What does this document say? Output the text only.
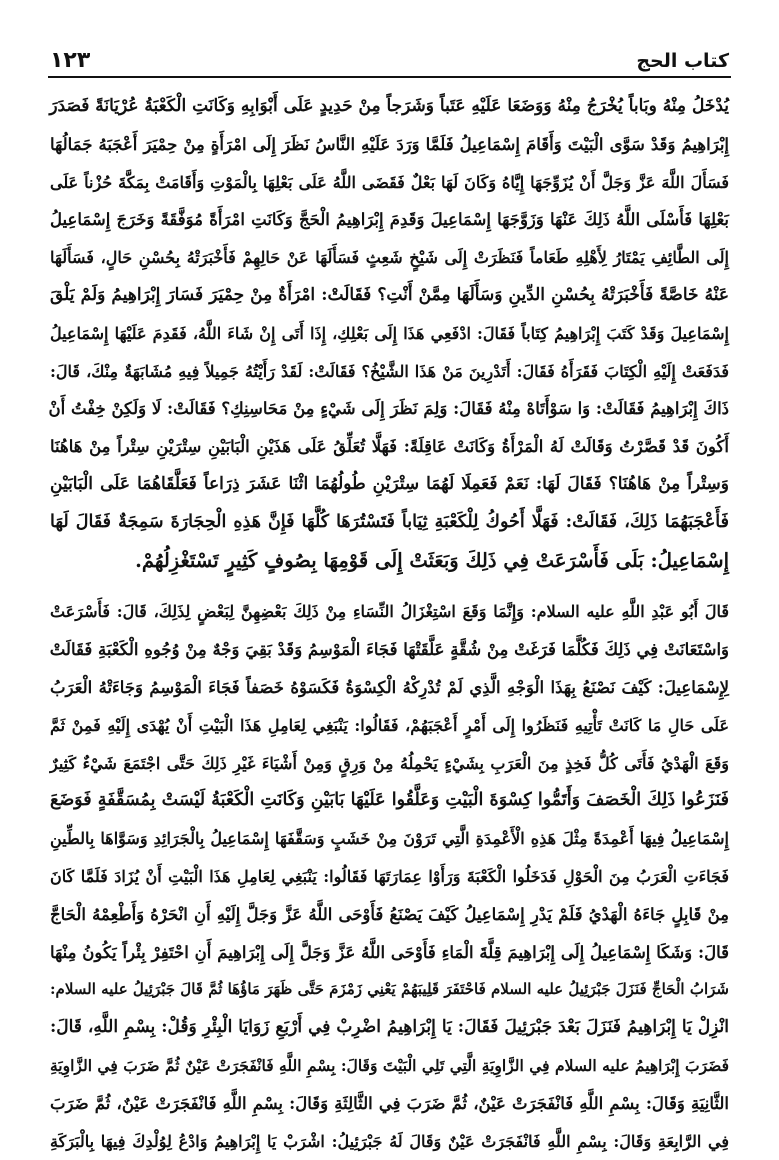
كتاب الحج
١٢٣
يُدْخَلُ مِنْهُ وبَاباً يُخْرَجُ مِنْهُ وَوَضَعَا عَلَيْهِ عَتَباً وَشَرَجاً مِنْ حَدِيدٍ عَلَى أَبْوَابِهِ وَكَانَتِ الْكَعْبَةُ عُرْيَانَةً فَصَدَرَ
إِبْرَاهِيمُ وَقَدْ سَوَّى الْبَيْتَ وَأَقَامَ إِسْمَاعِيلُ فَلَمَّا وَرَدَ عَلَيْهِ النَّاسُ نَظَرَ إِلَى امْرَأَةٍ مِنْ حِمْيَرَ أَعْجَبَهُ جَمَالُهَا
فَسَأَلَ اللَّهَ عَزَّ وَجَلَّ أَنْ يُزَوِّجَهَا إِيَّاهُ وَكَانَ لَهَا بَعْلٌ فَقَضَى اللَّهُ عَلَى بَعْلِهَا بِالْمَوْتِ وَأَقَامَتْ بِمَكَّةَ حُزْناً عَلَى
بَعْلِهَا فَأَسْلَى اللَّهُ ذَلِكَ عَنْهَا وَزَوَّجَهَا إِسْمَاعِيلَ وَقَدِمَ إِبْرَاهِيمُ الْحَجَّ وَكَانَتِ امْرَأَةً مُوَفَّقَةً وَخَرَجَ إِسْمَاعِيلُ
إِلَى الطَّائِفِ يَمْتَارُ لِأَهْلِهِ طَعَاماً فَنَظَرَتْ إِلَى شَيْخٍ شَعِثٍ فَسَأَلَهَا عَنْ حَالِهِمْ فَأَخْبَرَتْهُ بِحُسْنِ حَالٍ، فَسَأَلَهَا
عَنْهُ خَاصَّةً فَأَخْبَرَتْهُ بِحُسْنِ الدِّينِ وَسَأَلَهَا مِمَّنْ أَنْتِ؟ فَقَالَتْ: امْرَأَةٌ مِنْ حِمْيَرَ فَسَارَ إِبْرَاهِيمُ وَلَمْ يَلْقَ
إِسْمَاعِيلَ وَقَدْ كَتَبَ إِبْرَاهِيمُ كِتَاباً فَقَالَ: ادْفَعِي هَذَا إِلَى بَعْلِكِ، إِذَا أَتَى إِنْ شَاءَ اللَّهُ، فَقَدِمَ عَلَيْهَا إِسْمَاعِيلُ
فَدَفَعَتْ إِلَيْهِ الْكِتَابَ فَقَرَأَهُ فَقَالَ: أَتَدْرِينَ مَنْ هَذَا الشَّيْخُ؟ فَقَالَتْ: لَقَدْ رَأَيْتُهُ جَمِيلاً فِيهِ مُشَابَهَةٌ مِنْكَ، قَالَ:
ذَاكَ إِبْرَاهِيمُ فَقَالَتْ: وَا سَوْأَتَاهْ مِنْهُ فَقَالَ: وَلِمَ نَظَرَ إِلَى شَيْءٍ مِنْ مَحَاسِنِكِ؟ فَقَالَتْ: لَا وَلَكِنْ خِفْتُ أَنْ
أَكُونَ قَدْ قَصَّرْتُ وَقَالَتْ لَهُ الْمَرْأَةُ وَكَانَتْ عَاقِلَةً: فَهَلَّا تُعَلِّقُ عَلَى هَذَيْنِ الْبَابَيْنِ سِتْرَيْنِ سِتْراً مِنْ هَاهُنَا
وَسِتْراً مِنْ هَاهُنَا؟ فَقَالَ لَهَا: نَعَمْ فَعَمِلَا لَهُمَا سِتْرَيْنِ طُولُهُمَا اثْنَا عَشَرَ ذِرَاعاً فَعَلَّقَاهُمَا عَلَى الْبَابَيْنِ
فَأَعْجَبَهُمَا ذَلِكَ، فَقَالَتْ: فَهَلَّا أَحُوكُ لِلْكَعْبَةِ ثِيَاباً فَتَسْتُرَهَا كُلَّهَا فَإِنَّ هَذِهِ الْحِجَارَةَ سَمِجَةٌ فَقَالَ لَهَا
إِسْمَاعِيلُ: بَلَى فَأَسْرَعَتْ فِي ذَلِكَ وَبَعَثَتْ إِلَى قَوْمِهَا بِصُوفٍ كَثِيرٍ تَسْتَغْزِلُهُمْ.
قَالَ أَبُو عَبْدِ اللَّهِ عليه السلام: وَإِنَّمَا وَقَعَ اسْتِغْزَالُ النِّسَاءِ مِنْ ذَلِكَ بَعْضِهِنَّ لِبَعْضٍ لِذَلِكَ، قَالَ: فَأَسْرَعَتْ
وَاسْتَعَانَتْ فِي ذَلِكَ فَكُلَّمَا فَرَغَتْ مِنْ شُقَّةٍ عَلَّقَتْهَا فَجَاءَ الْمَوْسِمُ وَقَدْ بَقِيَ وَجْهٌ مِنْ وُجُوهِ الْكَعْبَةِ فَقَالَتْ
لِإِسْمَاعِيلَ: كَيْفَ نَصْنَعُ بِهَذَا الْوَجْهِ الَّذِي لَمْ تُدْرِكْهُ الْكِسْوَةُ فَكَسَوْهُ خَصَفاً فَجَاءَ الْمَوْسِمُ وَجَاءَتْهُ الْعَرَبُ
عَلَى حَالِ مَا كَانَتْ تَأْتِيهِ فَنَظَرُوا إِلَى أَمْرٍ أَعْجَبَهُمْ، فَقَالُوا: يَنْبَغِي لِعَامِلِ هَذَا الْبَيْتِ أَنْ يُهْدَى إِلَيْهِ فَمِنْ ثَمَّ
وَقَعَ الْهَدْيُ فَأَتَى كُلُّ فَخِذٍ مِنَ الْعَرَبِ بِشَيْءٍ يَحْمِلُهُ مِنْ وَرِقٍ وَمِنْ أَشْيَاءَ غَيْرِ ذَلِكَ حَتَّى اجْتَمَعَ شَيْءٌ كَثِيرٌ
فَنَزَعُوا ذَلِكَ الْخَصَفَ وَأَتَمُّوا كِسْوَةَ الْبَيْتِ وَعَلَّقُوا عَلَيْهَا بَابَيْنِ وَكَانَتِ الْكَعْبَةُ لَيْسَتْ بِمُسَقَّفَةٍ فَوَضَعَ
إِسْمَاعِيلُ فِيهَا أَعْمِدَةً مِثْلَ هَذِهِ الْأَعْمِدَةِ الَّتِي تَرَوْنَ مِنْ خَشَبٍ وَسَقَّفَهَا إِسْمَاعِيلُ بِالْجَرَائِدِ وَسَوَّاهَا بِالطِّينِ
فَجَاءَتِ الْعَرَبُ مِنَ الْحَوْلِ فَدَخَلُوا الْكَعْبَةَ وَرَأَوْا عِمَارَتَهَا فَقَالُوا: يَنْبَغِي لِعَامِلِ هَذَا الْبَيْتِ أَنْ يُزَادَ فَلَمَّا كَانَ
مِنْ قَابِلٍ جَاءَهُ الْهَدْيُ فَلَمْ يَدْرِ إِسْمَاعِيلُ كَيْفَ يَصْنَعُ فَأَوْحَى اللَّهُ عَزَّ وَجَلَّ إِلَيْهِ أَنِ انْحَرْهُ وَأَطْعِمْهُ الْحَاجَّ
قَالَ: وَشَكَا إِسْمَاعِيلُ إِلَى إِبْرَاهِيمَ قِلَّةَ الْمَاءِ فَأَوْحَى اللَّهُ عَزَّ وَجَلَّ إِلَى إِبْرَاهِيمَ أَنِ احْتَفِرْ بِئْراً يَكُونُ مِنْهَا
شَرَابُ الْحَاجِّ فَنَزَلَ جَبْرَئِيلُ عليه السلام فَاحْتَفَرَ قَلِيبَهُمْ يَعْنِي زَمْزَمَ حَتَّى ظَهَرَ مَاؤُهَا ثُمَّ قَالَ جَبْرَئِيلُ عليه السلام:
انْزِلْ يَا إِبْرَاهِيمُ فَنَزَلَ بَعْدَ جَبْرَئِيلَ فَقَالَ: يَا إِبْرَاهِيمُ اضْرِبْ فِي أَرْبَعِ زَوَايَا الْبِئْرِ وَقُلْ: بِسْمِ اللَّهِ، قَالَ:
فَضَرَبَ إِبْرَاهِيمُ عليه السلام فِي الزَّاوِيَةِ الَّتِي تَلِي الْبَيْتَ وَقَالَ: بِسْمِ اللَّهِ فَانْفَجَرَتْ عَيْنٌ ثُمَّ ضَرَبَ فِي الزَّاوِيَةِ
الثَّانِيَةِ وَقَالَ: بِسْمِ اللَّهِ فَانْفَجَرَتْ عَيْنٌ، ثُمَّ ضَرَبَ فِي الثَّالِثَةِ وَقَالَ: بِسْمِ اللَّهِ فَانْفَجَرَتْ عَيْنٌ، ثُمَّ ضَرَبَ
فِي الرَّابِعَةِ وَقَالَ: بِسْمِ اللَّهِ فَانْفَجَرَتْ عَيْنٌ وَقَالَ لَهُ جَبْرَئِيلُ: اشْرَبْ يَا إِبْرَاهِيمُ وَادْعُ لِوُلْدِكَ فِيهَا بِالْبَرَكَةِ
